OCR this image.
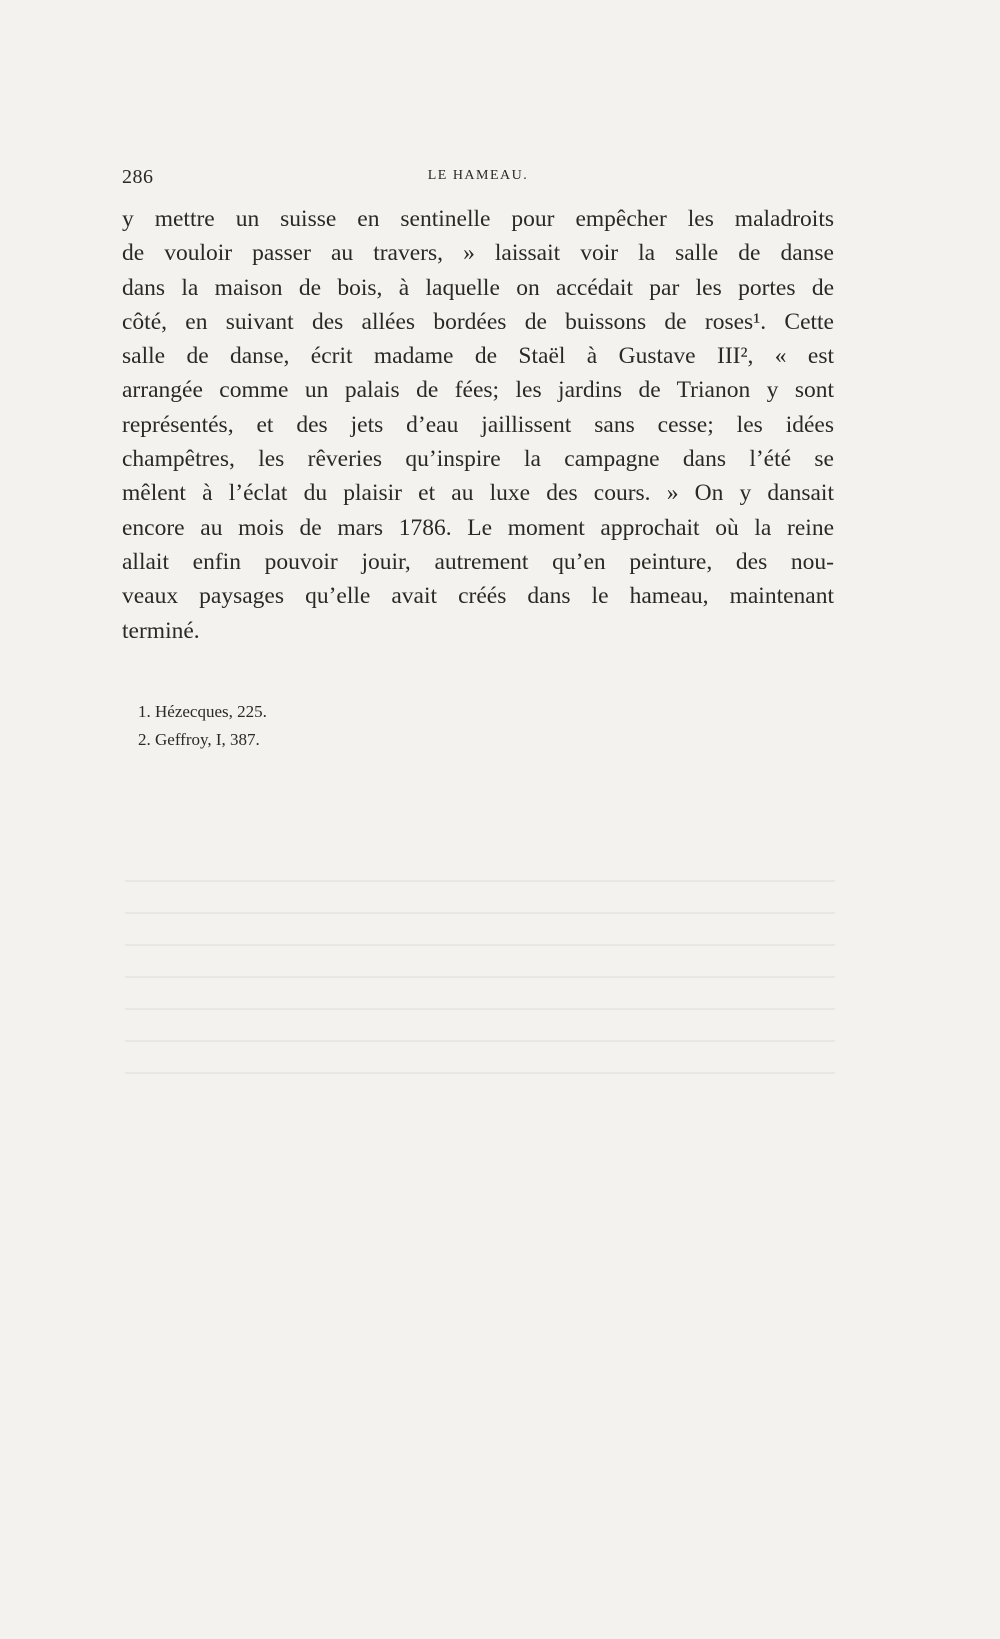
286	LE HAMEAU.
y mettre un suisse en sentinelle pour empêcher les maladroits
de vouloir passer au travers, » laissait voir la salle de danse
dans la maison de bois, à laquelle on accédait par les portes de
côté, en suivant des allées bordées de buissons de roses¹. Cette
salle de danse, écrit madame de Staël à Gustave III², « est
arrangée comme un palais de fées; les jardins de Trianon y sont
représentés, et des jets d’eau jaillissent sans cesse; les idées
champêtres, les rêveries qu’inspire la campagne dans l’été se
mêlent à l’éclat du plaisir et au luxe des cours. » On y dansait
encore au mois de mars 1786. Le moment approchait où la reine
allait enfin pouvoir jouir, autrement qu’en peinture, des nou-
veaux paysages qu’elle avait créés dans le hameau, maintenant
terminé.
1. Hézecques, 225.
2. Geffroy, I, 387.
